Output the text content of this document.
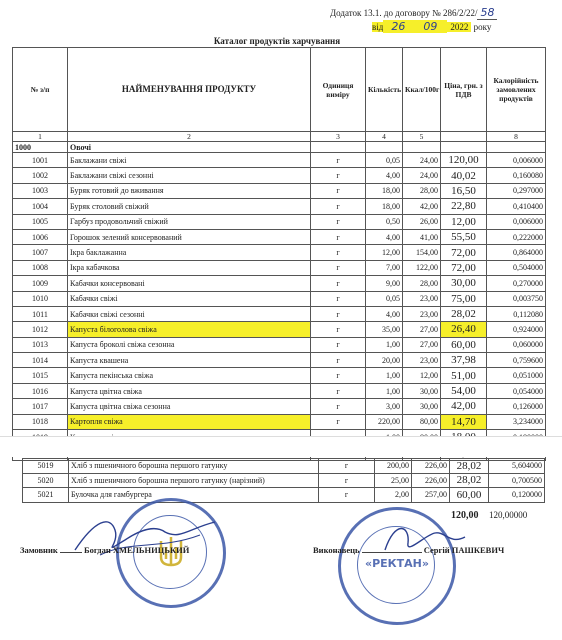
Додаток 13.1. до договору № 286/2/22/ 58
від 26 09 2022 року
Каталог продуктів харчування
№ з/п	НАЙМЕНУВАННЯ ПРОДУКТУ	Одиниця виміру	Кількість	Ккал/100г	Ціна, грн. з ПДВ	Калорійність замовлених продуктів
1	2	3	4	5		8
1000	Овочі					
1001	Баклажани свіжі	г	0,05	24,00	120,00	0,006000
1002	Баклажани свіжі сезонні	г	4,00	24,00	40,02	0,160080
1003	Буряк готовий до вживання	г	18,00	28,00	16,50	0,297000
1004	Буряк столовий свіжий	г	18,00	42,00	22,80	0,410400
1005	Гарбуз продовольчий свіжий	г	0,50	26,00	12,00	0,006000
1006	Горошок зелений консервований	г	4,00	41,00	55,50	0,222000
1007	Ікра баклажанна	г	12,00	154,00	72,00	0,864000
1008	Ікра кабачкова	г	7,00	122,00	72,00	0,504000
1009	Кабачки консервовані	г	9,00	28,00	30,00	0,270000
1010	Кабачки свіжі	г	0,05	23,00	75,00	0,003750
1011	Кабачки свіжі сезонні	г	4,00	23,00	28,02	0,112080
1012	Капуста білоголова свіжа	г	35,00	27,00	26,40	0,924000
1013	Капуста броколі свіжа сезонна	г	1,00	27,00	60,00	0,060000
1014	Капуста квашена	г	20,00	23,00	37,98	0,759600
1015	Капуста пекінська свіжа	г	1,00	12,00	51,00	0,051000
1016	Капуста цвітна свіжа	г	1,00	30,00	54,00	0,054000
1017	Капуста цвітна свіжа сезонна	г	3,00	30,00	42,00	0,126000
1018	Картопля свіжа	г	220,00	80,00	14,70	3,234000

5019	Хліб з пшеничного борошна першого гатунку	г	200,00	226,00	28,02	5,604000
5020	Хліб з пшеничного борошна першого гатунку (нарізний)	г	25,00	226,00	28,02	0,700500
5021	Булочка для гамбургера	г	2,00	257,00	60,00	0,120000
120,00 120,00000
Замовник	Богдан ХМЕЛЬНИЦЬКИЙ
«РЕКТАН»
Виконавець	Сергій ПАШКЕВИЧ
